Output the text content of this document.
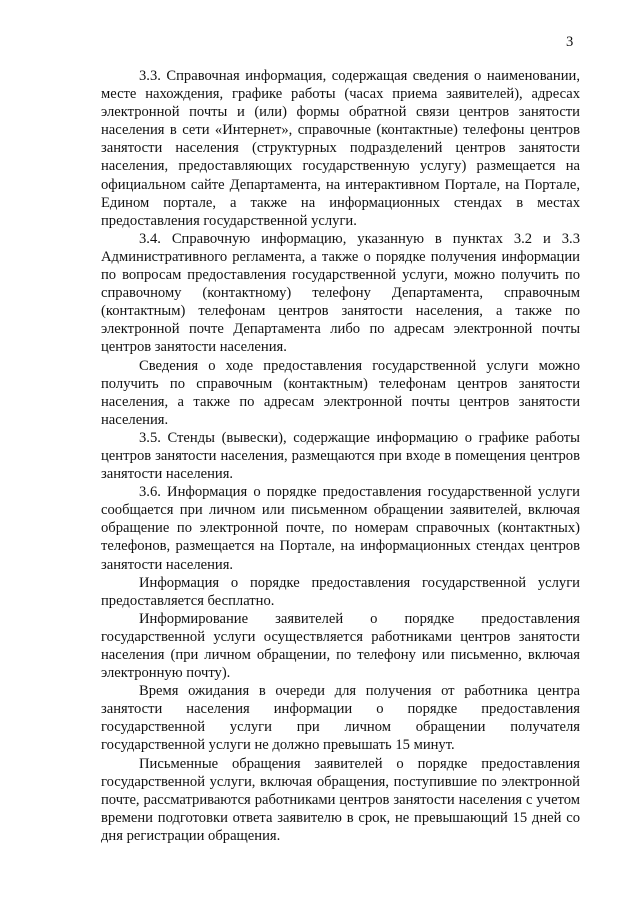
3

3.3. Справочная информация, содержащая сведения о наименовании, месте нахождения, графике работы (часах приема заявителей), адресах электронной почты и (или) формы обратной связи центров занятости населения в сети «Интернет», справочные (контактные) телефоны центров занятости населения (структурных подразделений центров занятости населения, предоставляющих государственную услугу) размещается на официальном сайте Департамента, на интерактивном Портале, на Портале, Едином портале, а также на информационных стендах в местах предоставления государственной услуги.

3.4. Справочную информацию, указанную в пунктах 3.2 и 3.3 Административного регламента, а также о порядке получения информации по вопросам предоставления государственной услуги, можно получить по справочному (контактному) телефону Департамента, справочным (контактным) телефонам центров занятости населения, а также по электронной почте Департамента либо по адресам электронной почты центров занятости населения.

Сведения о ходе предоставления государственной услуги можно получить по справочным (контактным) телефонам центров занятости населения, а также по адресам электронной почты центров занятости населения.

3.5. Стенды (вывески), содержащие информацию о графике работы центров занятости населения, размещаются при входе в помещения центров занятости населения.

3.6. Информация о порядке предоставления государственной услуги сообщается при личном или письменном обращении заявителей, включая обращение по электронной почте, по номерам справочных (контактных) телефонов, размещается на Портале, на информационных стендах центров занятости населения.

Информация о порядке предоставления государственной услуги предоставляется бесплатно.

Информирование заявителей о порядке предоставления государственной услуги осуществляется работниками центров занятости населения (при личном обращении, по телефону или письменно, включая электронную почту).

Время ожидания в очереди для получения от работника центра занятости населения информации о порядке предоставления государственной услуги при личном обращении получателя государственной услуги не должно превышать 15 минут.

Письменные обращения заявителей о порядке предоставления государственной услуги, включая обращения, поступившие по электронной почте, рассматриваются работниками центров занятости населения с учетом времени подготовки ответа заявителю в срок, не превышающий 15 дней со дня регистрации обращения.
